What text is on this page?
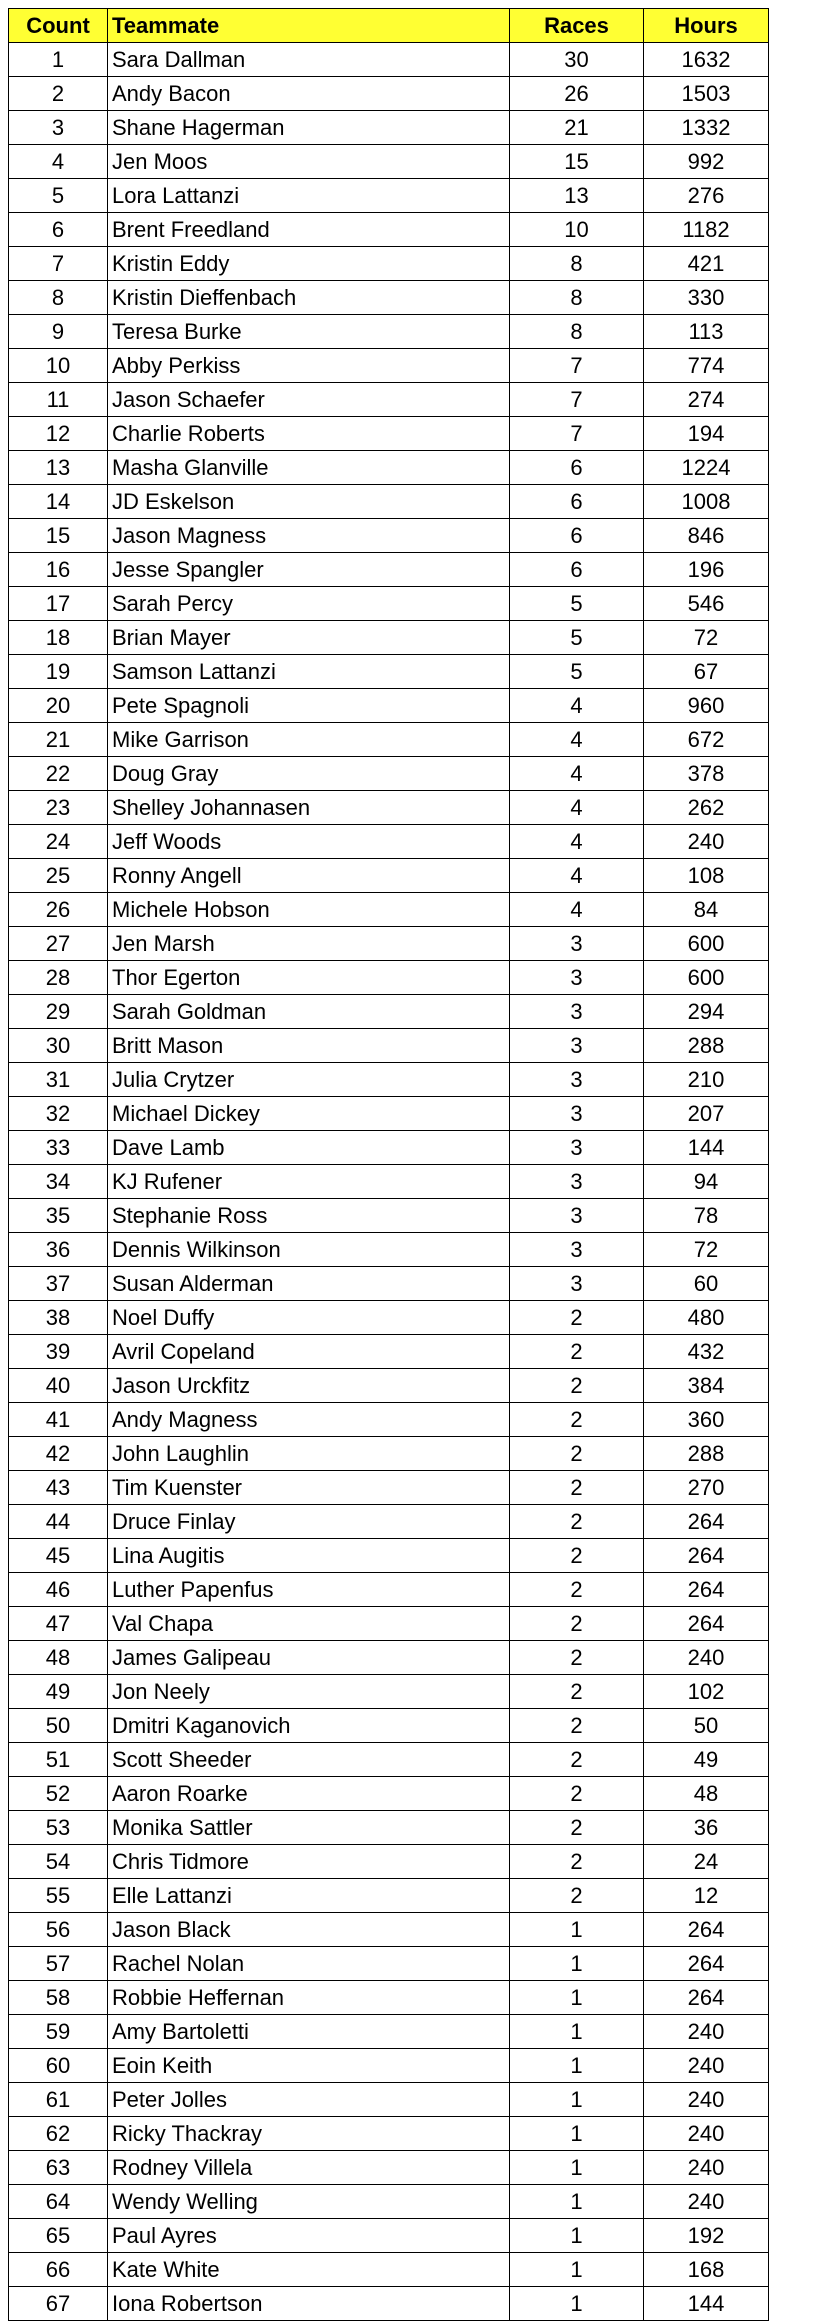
Count	Teammate	Races	Hours
1	Sara Dallman	30	1632
2	Andy Bacon	26	1503
3	Shane Hagerman	21	1332
4	Jen Moos	15	992
5	Lora Lattanzi	13	276
6	Brent Freedland	10	1182
7	Kristin Eddy	8	421
8	Kristin Dieffenbach	8	330
9	Teresa Burke	8	113
10	Abby Perkiss	7	774
11	Jason Schaefer	7	274
12	Charlie Roberts	7	194
13	Masha Glanville	6	1224
14	JD Eskelson	6	1008
15	Jason Magness	6	846
16	Jesse Spangler	6	196
17	Sarah Percy	5	546
18	Brian Mayer	5	72
19	Samson Lattanzi	5	67
20	Pete Spagnoli	4	960
21	Mike Garrison	4	672
22	Doug Gray	4	378
23	Shelley Johannasen	4	262
24	Jeff Woods	4	240
25	Ronny Angell	4	108
26	Michele Hobson	4	84
27	Jen Marsh	3	600
28	Thor Egerton	3	600
29	Sarah Goldman	3	294
30	Britt Mason	3	288
31	Julia Crytzer	3	210
32	Michael Dickey	3	207
33	Dave Lamb	3	144
34	KJ Rufener	3	94
35	Stephanie Ross	3	78
36	Dennis Wilkinson	3	72
37	Susan Alderman	3	60
38	Noel Duffy	2	480
39	Avril Copeland	2	432
40	Jason Urckfitz	2	384
41	Andy Magness	2	360
42	John Laughlin	2	288
43	Tim Kuenster	2	270
44	Druce Finlay	2	264
45	Lina Augitis	2	264
46	Luther Papenfus	2	264
47	Val Chapa	2	264
48	James Galipeau	2	240
49	Jon Neely	2	102
50	Dmitri Kaganovich	2	50
51	Scott Sheeder	2	49
52	Aaron Roarke	2	48
53	Monika Sattler	2	36
54	Chris Tidmore	2	24
55	Elle Lattanzi	2	12
56	Jason Black	1	264
57	Rachel Nolan	1	264
58	Robbie Heffernan	1	264
59	Amy Bartoletti	1	240
60	Eoin Keith	1	240
61	Peter Jolles	1	240
62	Ricky Thackray	1	240
63	Rodney Villela	1	240
64	Wendy Welling	1	240
65	Paul Ayres	1	192
66	Kate White	1	168
67	Iona Robertson	1	144
